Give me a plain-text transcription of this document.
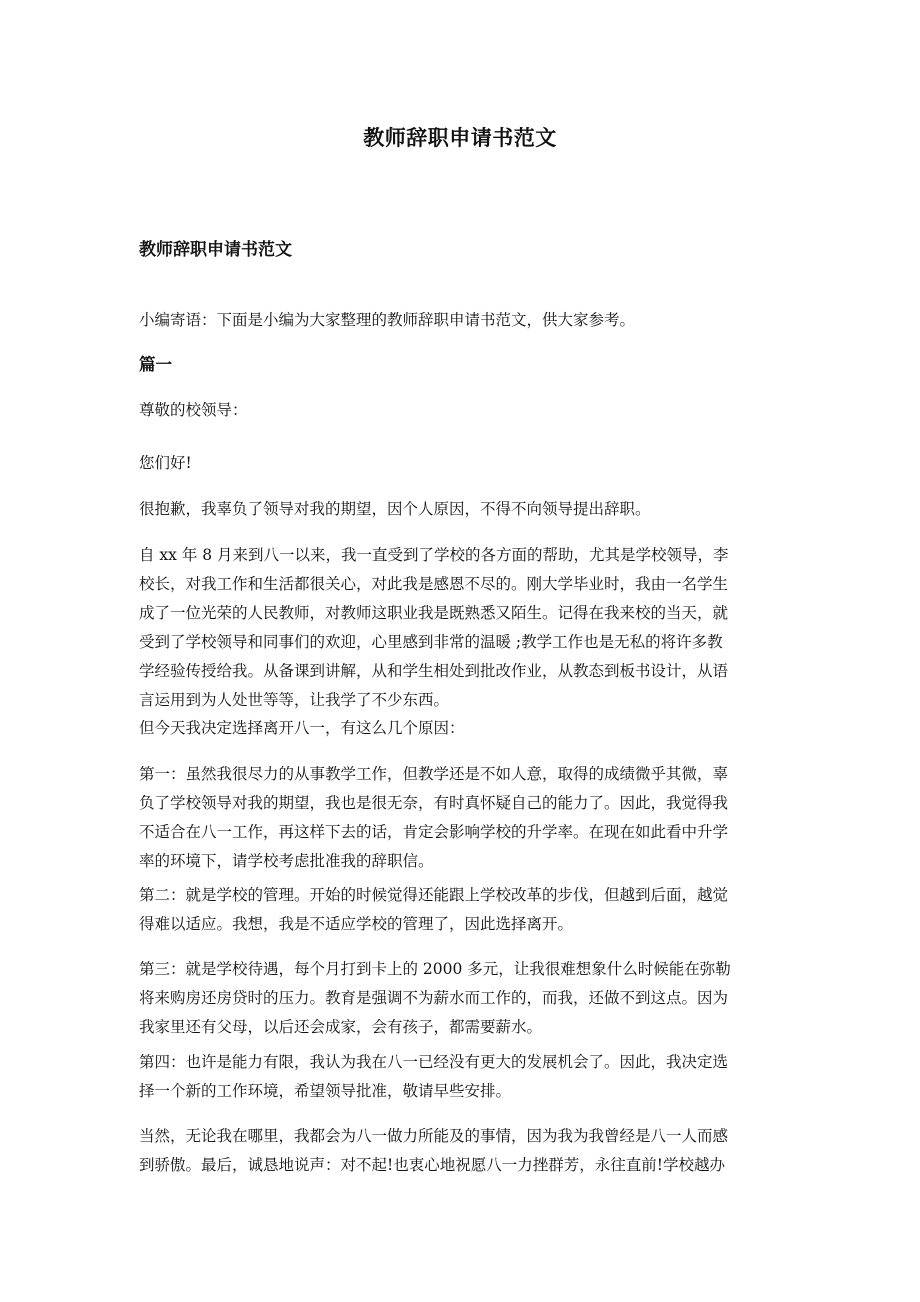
教师辞职申请书范文
教师辞职申请书范文

小编寄语：下面是小编为大家整理的教师辞职申请书范文，供大家参考。

篇一

尊敬的校领导：

您们好!

很抱歉，我辜负了领导对我的期望，因个人原因，不得不向领导提出辞职。

自 xx 年 8 月来到八一以来，我一直受到了学校的各方面的帮助，尤其是学校领导，李
校长，对我工作和生活都很关心，对此我是感恩不尽的。刚大学毕业时，我由一名学生
成了一位光荣的人民教师，对教师这职业我是既熟悉又陌生。记得在我来校的当天，就
受到了学校领导和同事们的欢迎，心里感到非常的温暖 ;教学工作也是无私的将许多教
学经验传授给我。从备课到讲解，从和学生相处到批改作业，从教态到板书设计，从语
言运用到为人处世等等，让我学了不少东西。

但今天我决定选择离开八一，有这么几个原因：

第一：虽然我很尽力的从事教学工作，但教学还是不如人意，取得的成绩微乎其微，辜
负了学校领导对我的期望，我也是很无奈，有时真怀疑自己的能力了。因此，我觉得我
不适合在八一工作，再这样下去的话，肯定会影响学校的升学率。在现在如此看中升学
率的环境下，请学校考虑批准我的辞职信。
第二：就是学校的管理。开始的时候觉得还能跟上学校改革的步伐，但越到后面，越觉
得难以适应。我想，我是不适应学校的管理了，因此选择离开。
第三：就是学校待遇，每个月打到卡上的 2000 多元，让我很难想象什么时候能在弥勒
将来购房还房贷时的压力。教育是强调不为薪水而工作的，而我，还做不到这点。因为
我家里还有父母，以后还会成家，会有孩子，都需要薪水。
第四：也许是能力有限，我认为我在八一已经没有更大的发展机会了。因此，我决定选
择一个新的工作环境，希望领导批准，敬请早些安排。
当然，无论我在哪里，我都会为八一做力所能及的事情，因为我为我曾经是八一人而感
到骄傲。最后，诚恳地说声：对不起!也衷心地祝愿八一力挫群芳，永往直前!学校越办
